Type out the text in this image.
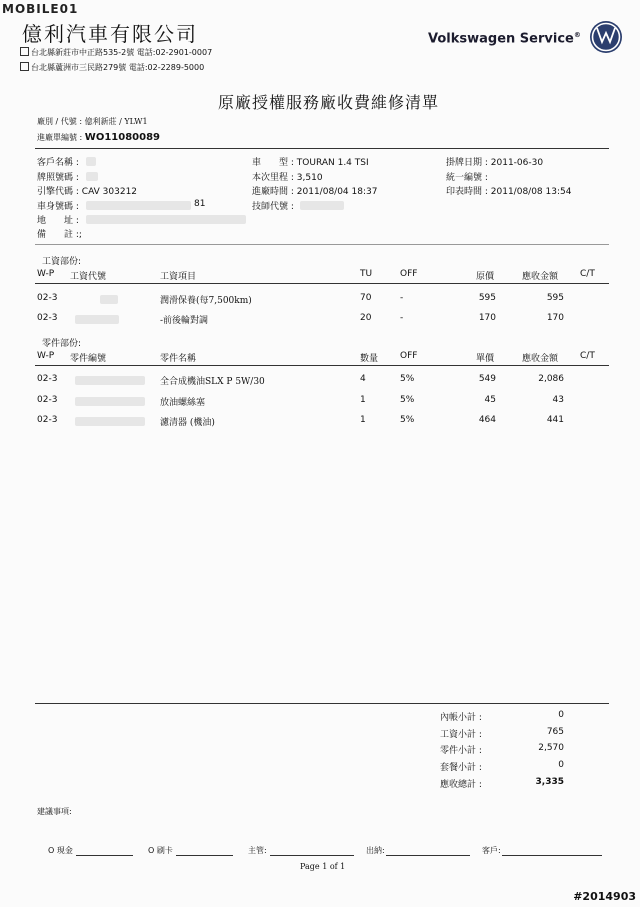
MOBILE01
#2014903
億利汽車有限公司
台北縣新莊市中正路535-2號 電話:02-2901-0007
台北縣蘆洲市三民路279號 電話:02-2289-5000
Volkswagen Service®
原廠授權服務廠收費維修清單
廠別 / 代號 : 億利新莊 / YLW1
進廠單編號 : WO11080089
客戶名稱 :
牌照號碼 :
引擎代碼 : CAV 303212
車身號碼 :	81
地　　址 :
備　　註 :;
車　　型 : TOURAN 1.4 TSI
本次里程 : 3,510
進廠時間 : 2011/08/04 18:37
技師代號 :
掛牌日期 : 2011-06-30
統一編號 :
印表時間 : 2011/08/08 13:54
工資部份:
W-P 工資代號	工資項目	TU	OFF	原價	應收金額 C/T
02-3	潤滑保養(每7,500km)	70	-	595	595
02-3	-前後輪對調	20	-	170	170
零件部份:
W-P 零件編號	零件名稱	數量 OFF	單價	應收金額 C/T
02-3	全合成機油SLX P 5W/30	4	5%	549	2,086
02-3	放油螺絲塞	1	5%	45	43
02-3	濾清器 (機油)	1	5%	464	441
內帳小計 :	0
工資小計 :	765
零件小計 :	2,570
套餐小計 :	0
應收總計 :	3,335
建議事項:
O 現金	O 刷卡	主管:	出納:	客戶:
Page 1 of 1
